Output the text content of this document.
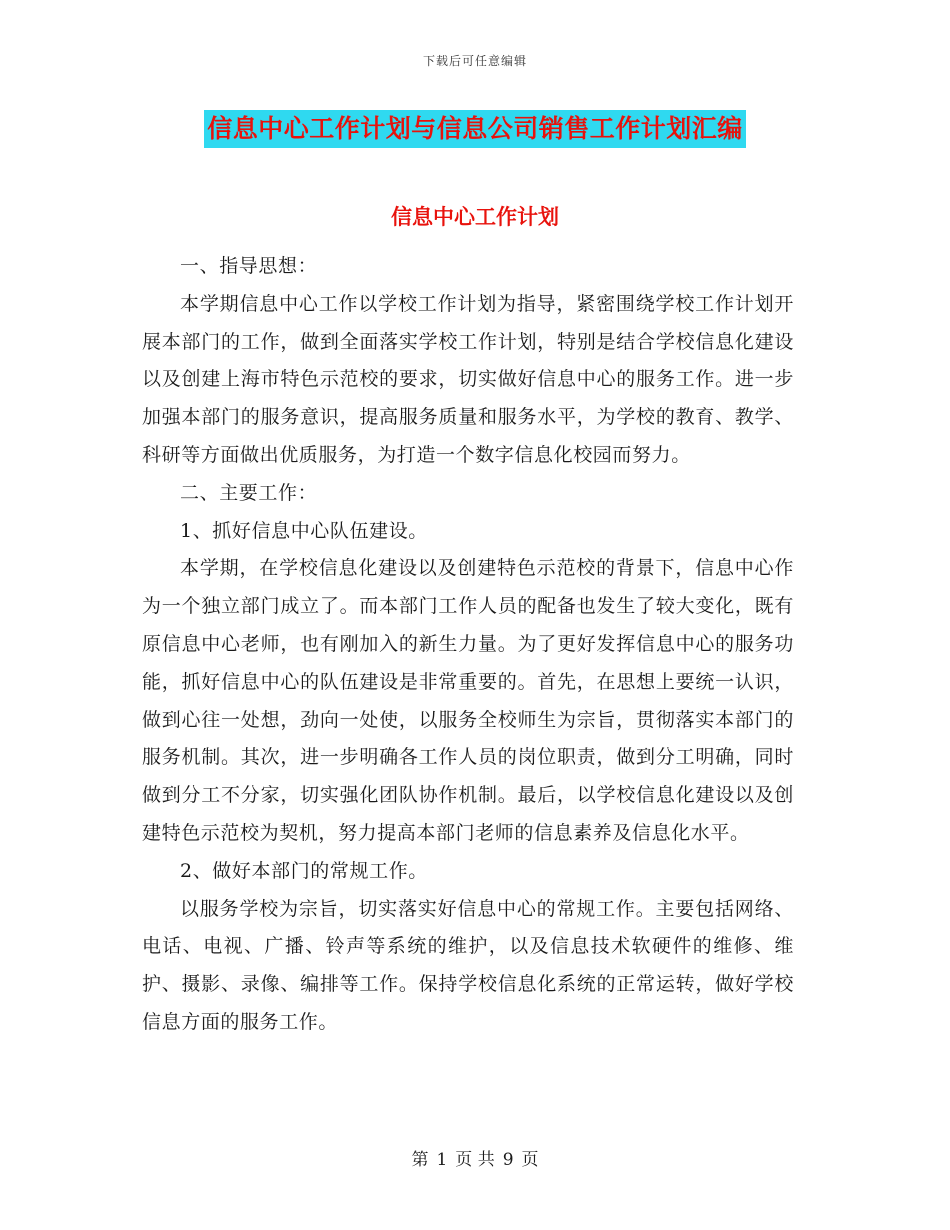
下载后可任意编辑
信息中心工作计划与信息公司销售工作计划汇编
信息中心工作计划

一、指导思想：

本学期信息中心工作以学校工作计划为指导，紧密围绕学校工作计划开展本部门的工作，做到全面落实学校工作计划，特别是结合学校信息化建设以及创建上海市特色示范校的要求，切实做好信息中心的服务工作。进一步加强本部门的服务意识，提高服务质量和服务水平，为学校的教育、教学、科研等方面做出优质服务，为打造一个数字信息化校园而努力。

二、主要工作：

1、抓好信息中心队伍建设。

本学期，在学校信息化建设以及创建特色示范校的背景下，信息中心作为一个独立部门成立了。而本部门工作人员的配备也发生了较大变化，既有原信息中心老师，也有刚加入的新生力量。为了更好发挥信息中心的服务功能，抓好信息中心的队伍建设是非常重要的。首先，在思想上要统一认识，做到心往一处想，劲向一处使，以服务全校师生为宗旨，贯彻落实本部门的服务机制。其次，进一步明确各工作人员的岗位职责，做到分工明确，同时做到分工不分家，切实强化团队协作机制。最后，以学校信息化建设以及创建特色示范校为契机，努力提高本部门老师的信息素养及信息化水平。

2、做好本部门的常规工作。

以服务学校为宗旨，切实落实好信息中心的常规工作。主要包括网络、电话、电视、广播、铃声等系统的维护，以及信息技术软硬件的维修、维护、摄影、录像、编排等工作。保持学校信息化系统的正常运转，做好学校信息方面的服务工作。

第 1 页 共 9 页
